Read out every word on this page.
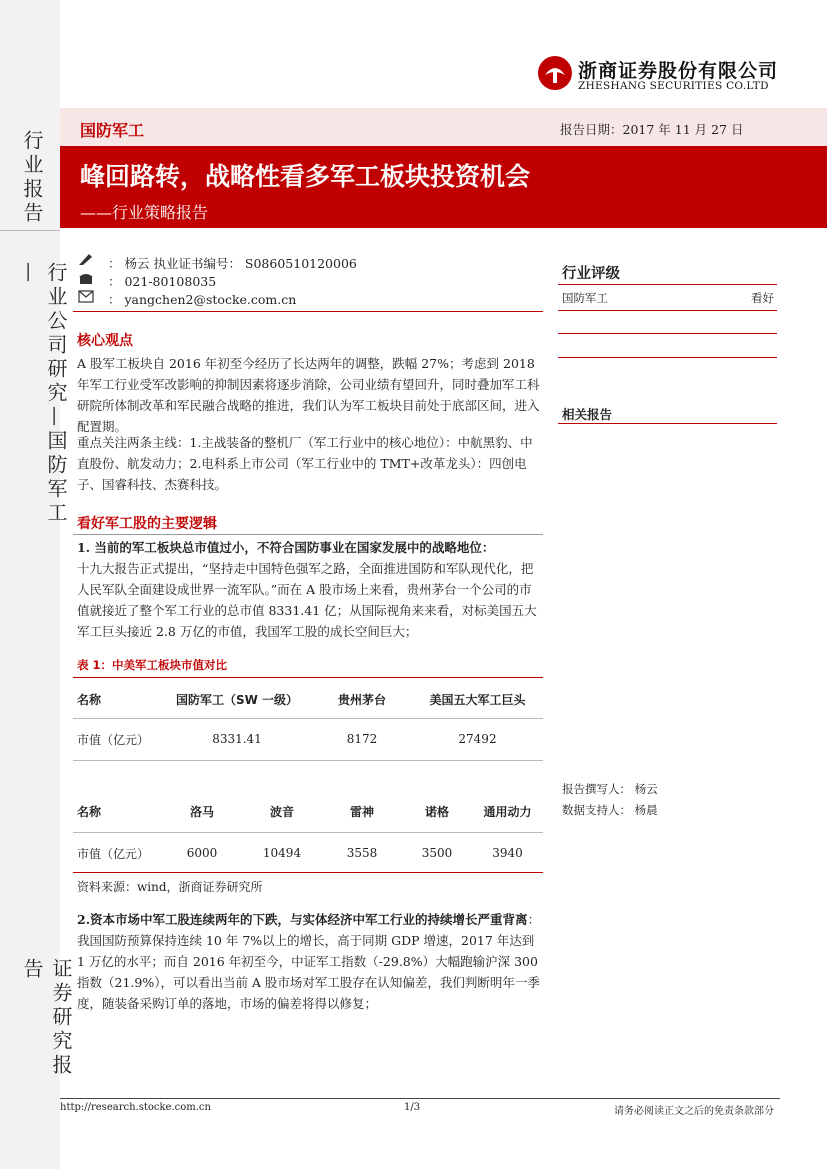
行业报告
行业公司研究—国防军工—
证券研究报告
浙商证券股份有限公司
ZHESHANG SECURITIES CO.LTD
国防军工	报告日期：2017 年 11 月 27 日
峰回路转，战略性看多军工板块投资机会
——行业策略报告
： 杨云 执业证书编号： S0860510120006
： 021-80108035
： yangchen2@stocke.com.cn
核心观点
A 股军工板块自 2016 年初至今经历了长达两年的调整，跌幅 27%；考虑到 2018 年军工行业受军改影响的抑制因素将逐步消除，公司业绩有望回升，同时叠加军工科研院所体制改革和军民融合战略的推进，我们认为军工板块目前处于底部区间，进入配置期。
重点关注两条主线：1.主战装备的整机厂（军工行业中的核心地位）：中航黑豹、中直股份、航发动力；2.电科系上市公司（军工行业中的 TMT+改革龙头）：四创电子、国睿科技、杰赛科技。
看好军工股的主要逻辑
1. 当前的军工板块总市值过小，不符合国防事业在国家发展中的战略地位：
十九大报告正式提出，“坚持走中国特色强军之路，全面推进国防和军队现代化，把人民军队全面建设成世界一流军队。”而在 A 股市场上来看，贵州茅台一个公司的市值就接近了整个军工行业的总市值 8331.41 亿；从国际视角来来看，对标美国五大军工巨头接近 2.8 万亿的市值，我国军工股的成长空间巨大；
表 1：中美军工板块市值对比
名称	国防军工（SW 一级）	贵州茅台	美国五大军工巨头
市值（亿元）	8331.41	8172	27492
名称	洛马	波音	雷神	诺格	通用动力
市值（亿元）	6000	10494	3558	3500	3940
资料来源：wind，浙商证券研究所
2.资本市场中军工股连续两年的下跌，与实体经济中军工行业的持续增长严重背离：我国国防预算保持连续 10 年 7%以上的增长，高于同期 GDP 增速，2017 年达到 1 万亿的水平；而自 2016 年初至今，中证军工指数（-29.8%）大幅跑输沪深 300 指数（21.9%），可以看出当前 A 股市场对军工股存在认知偏差，我们判断明年一季度，随装备采购订单的落地，市场的偏差将得以修复；
行业评级
国防军工	看好
相关报告
报告撰写人： 杨云
数据支持人： 杨晨
http://research.stocke.com.cn	1/3	请务必阅读正文之后的免责条款部分
